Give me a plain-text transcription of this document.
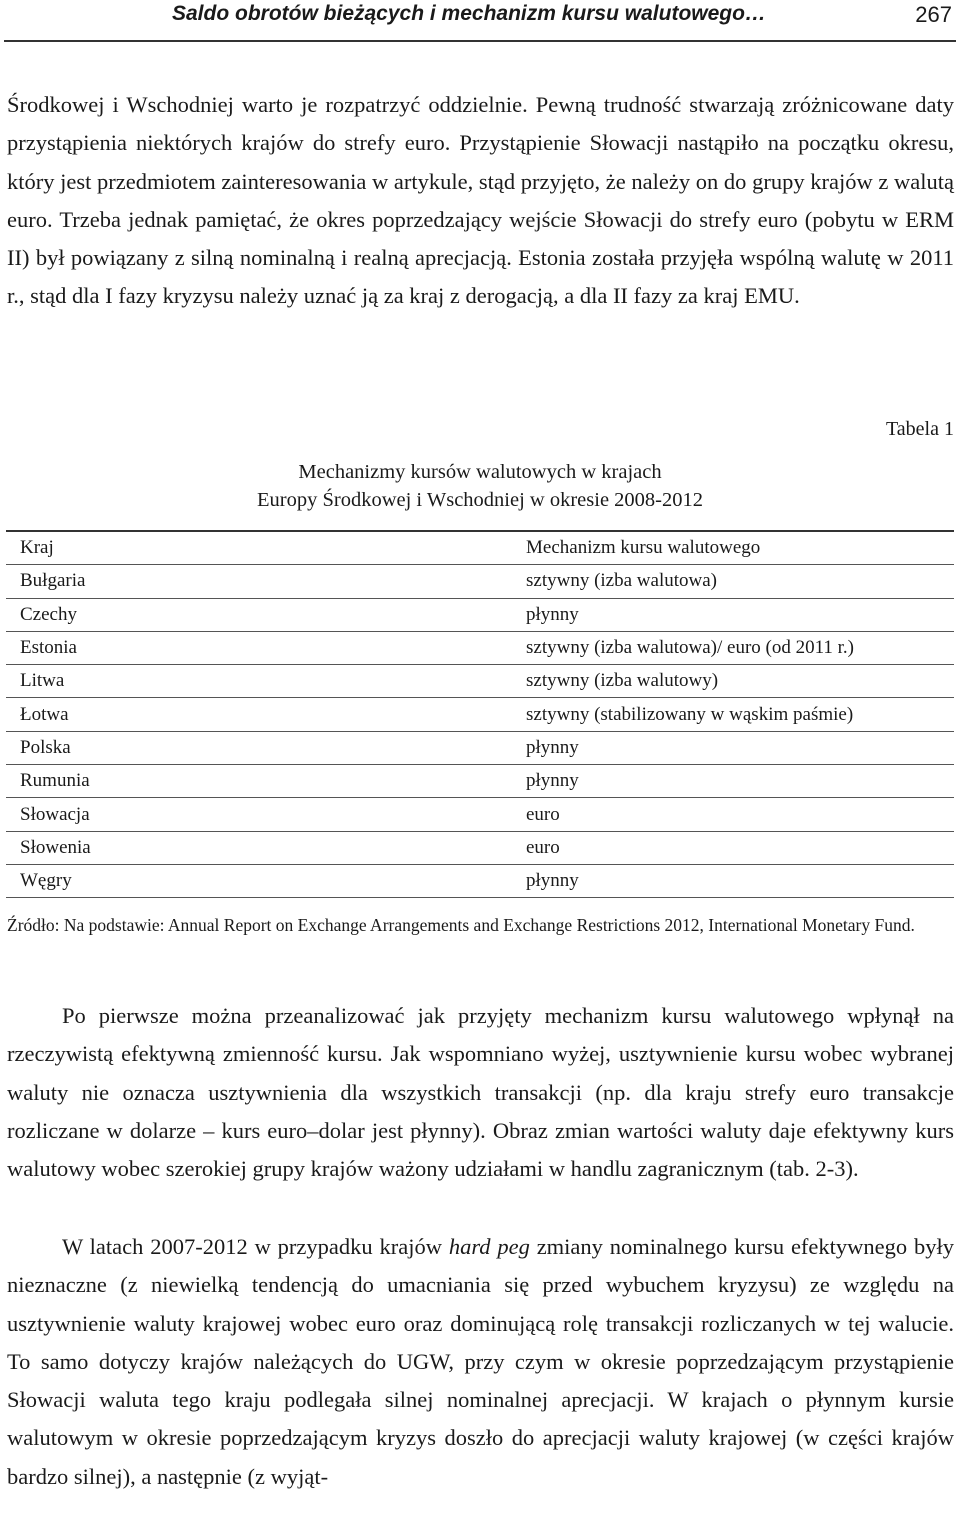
Saldo obrotów bieżących i mechanizm kursu walutowego…	267

Środkowej i Wschodniej warto je rozpatrzyć oddzielnie. Pewną trudność stwarzają zróżnicowane daty przystąpienia niektórych krajów do strefy euro. Przystąpienie Słowacji nastąpiło na początku okresu, który jest przedmiotem zainteresowania w artykule, stąd przyjęto, że należy on do grupy krajów z walutą euro. Trzeba jednak pamiętać, że okres poprzedzający wejście Słowacji do strefy euro (pobytu w ERM II) był powiązany z silną nominalną i realną aprecjacją. Estonia została przyjęła wspólną walutę w 2011 r., stąd dla I fazy kryzysu należy uznać ją za kraj z derogacją, a dla II fazy za kraj EMU.

Tabela 1
Mechanizmy kursów walutowych w krajach
Europy Środkowej i Wschodniej w okresie 2008-2012
Kraj	Mechanizm kursu walutowego
Bułgaria	sztywny (izba walutowa)
Czechy	płynny
Estonia	sztywny (izba walutowa)/ euro (od 2011 r.)
Litwa	sztywny (izba walutowy)
Łotwa	sztywny (stabilizowany w wąskim paśmie)
Polska	płynny
Rumunia	płynny
Słowacja	euro
Słowenia	euro
Węgry	płynny
Źródło: Na podstawie: Annual Report on Exchange Arrangements and Exchange Restrictions 2012, International Monetary Fund.

Po pierwsze można przeanalizować jak przyjęty mechanizm kursu walutowego wpłynął na rzeczywistą efektywną zmienność kursu. Jak wspomniano wyżej, usztywnienie kursu wobec wybranej waluty nie oznacza usztywnienia dla wszystkich transakcji (np. dla kraju strefy euro transakcje rozliczane w dolarze – kurs euro–dolar jest płynny). Obraz zmian wartości waluty daje efektywny kurs walutowy wobec szerokiej grupy krajów ważony udziałami w handlu zagranicznym (tab. 2-3).

W latach 2007-2012 w przypadku krajów hard peg zmiany nominalnego kursu efektywnego były nieznaczne (z niewielką tendencją do umacniania się przed wybuchem kryzysu) ze względu na usztywnienie waluty krajowej wobec euro oraz dominującą rolę transakcji rozliczanych w tej walucie. To samo dotyczy krajów należących do UGW, przy czym w okresie poprzedzającym przystąpienie Słowacji waluta tego kraju podlegała silnej nominalnej aprecjacji. W krajach o płynnym kursie walutowym w okresie poprzedzającym kryzys doszło do aprecjacji waluty krajowej (w części krajów bardzo silnej), a następnie (z wyjąt-
